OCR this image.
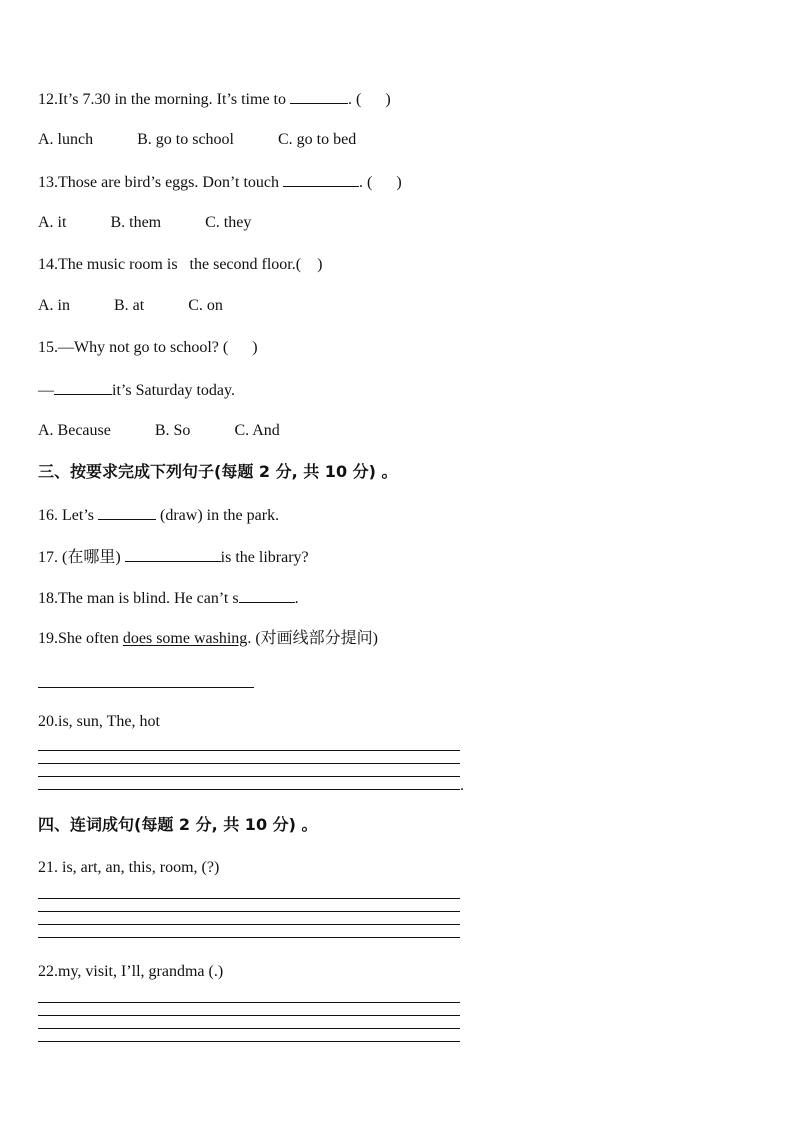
12.It’s 7.30 in the morning. It’s time to	. (   )
A. lunch	B. go to school	C. go to bed
13.Those are bird’s eggs. Don’t touch	. (   )
A. it	B. them	C. they
14.The music room is  the second floor.(  )
A. in	B. at	C. on
15.—Why not go to school? (   )
—	it’s Saturday today.
A. Because	B. So	C. And
三、按要求完成下列句子(每题 2 分, 共 10 分) 。
16. Let’s	(draw) in the park.
17. (在哪里)	is the library?
18.The man is blind. He can’t s	.
19.She often does some washing. (对画线部分提问)
20.is, sun, The, hot
.
四、连词成句(每题 2 分, 共 10 分) 。
21. is, art, an, this, room, (?)
22.my, visit, I’ll, grandma (.)
